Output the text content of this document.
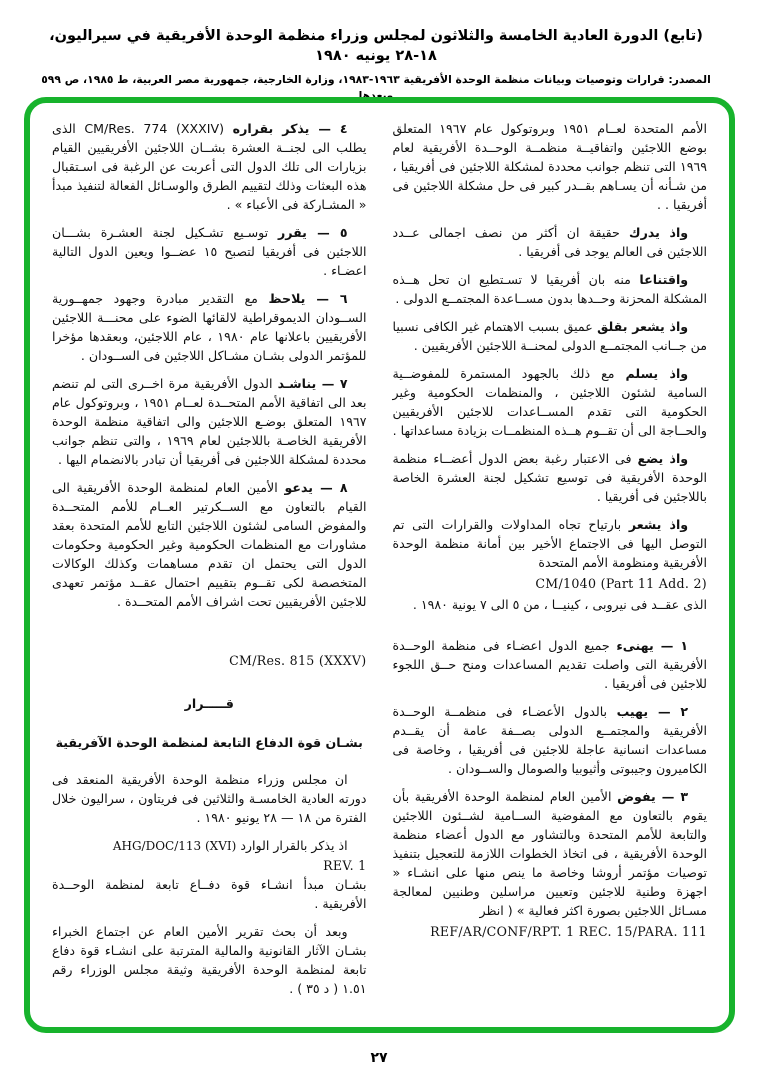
(تابع) الدورة العادية الخامسة والثلاثون لمجلس وزراء منظمة الوحدة الأفريقية في سيراليون، ١٨-٢٨ يونيه ١٩٨٠
المصدر: قرارات وتوصيات وبيانات منظمة الوحدة الأفريقية ١٩٦٣-١٩٨٣، وزارة الخارجية، جمهورية مصر العربية، ط ١٩٨٥، ص ٥٩٩ وبعدها

الأمم المتحدة لعــام ١٩٥١ وبروتوكول عام ١٩٦٧ المتعلق بوضع اللاجئين واتفاقيــة منظمــة الوحــدة الأفريقية لعام ١٩٦٩ التى تنظم جوانب محددة لمشكلة اللاجئين فى أفريقيا ، من شـأنه أن يسـاهم بقــدر كبير فى حل مشكلة اللاجئين فى أفريقيا . .

واذ يدرك حقيقة ان أكثر من نصف اجمالى عــدد اللاجئين فى العالم يوجد فى أفريقيا .

واقتناعا منه بان أفريقيا لا تسـتطيع ان تحل هــذه المشكلة المحزنة وحــدها بدون مســاعدة المجتمــع الدولى .

واذ يشعر بقلق عميق بسبب الاهتمام غير الكافى نسبيا من جــانب المجتمــع الدولى لمحنــة اللاجئين الأفريقيين .

واذ يسلم مع ذلك بالجهود المستمرة للمفوضــية السامية لشئون اللاجئين ، والمنظمات الحكومية وغير الحكومية التى تقدم المســاعدات للاجئين الأفريقيين والحــاجة الى أن تقــوم هــذه المنظمــات بزيادة مساعداتها .

واذ يضع فى الاعتبار رغبة بعض الدول أعضــاء منظمة الوحدة الأفريقية فى توسيع تشكيل لجنة العشرة الخاصة باللاجئين فى أفريقيا .

واذ يشعر بارتياح تجاه المداولات والقرارات التى تم التوصل اليها فى الاجتماع الأخير بين أمانة منظمة الوحدة الأفريقية ومنظومة الأمم المتحدة

CM/1040 (Part 11 Add. 2)

الذى عقــد فى نيروبى ، كينيــا ، من ٥ الى ٧ يونية ١٩٨٠ .

١ — يهنىء جميع الدول اعضـاء فى منظمة الوحــدة الأفريقية التى واصلت تقديم المساعدات ومنح حــق اللجوء للاجئين فى أفريقيا .

٢ — يهيب بالدول الأعضـاء فى منظمــة الوحــدة الأفريقية والمجتمــع الدولى بصــفة عامة أن يقــدم مساعدات انسانية عاجلة للاجئين فى أفريقيا ، وخاصة فى الكاميرون وجيبوتى وأثيوبيا والصومال والســودان .

٣ — يفوض الأمين العام لمنظمة الوحدة الأفريقية بأن يقوم بالتعاون مع المفوضية الســامية لشــئون اللاجئين والتابعة للأمم المتحدة وبالتشاور مع الدول أعضاء منظمة الوحدة الأفريقية ، فى اتخاذ الخطوات اللازمة للتعجيل بتنفيذ توصيات مؤتمر أروشا وخاصة ما ينص منها على انشـاء « اجهزة وطنية للاجئين وتعيين مراسلين وطنيين لمعالجة مسـائل اللاجئين بصورة اكثر فعالية » ( انظر

REF/AR/CONF/RPT. 1 REC. 15/PARA. 111

٤ — يذكر بقراره CM/Res. 774 (XXXIV) الذى يطلب الى لجنــة العشرة بشــان اللاجئين الأفريقيين القيام بزيارات الى تلك الدول التى أعربت عن الرغبة فى اسـتقبال هذه البعثات وذلك لتقييم الطرق والوسـائل الفعالة لتنفيذ مبدأ « المشـاركة فى الأعباء » .

٥ — يقرر توسـيع تشـكيل لجنة العشـرة بشـــان اللاجئين فى أفريقيا لتصبح ١٥ عضــوا ويعين الدول التالية اعضـاء .

٦ — يلاحظ مع التقدير مبادرة وجهود جمهــورية الســودان الديموقراطية لالقائها الضوء على محنـــة اللاجئين الأفريقيين باعلانها عام ١٩٨٠ ، عام اللاجئين، وبعقدها مؤخرا للمؤتمر الدولى بشـان مشـاكل اللاجئين فى الســودان .

٧ — يناشـد الدول الأفريقية مرة اخــرى التى لم تنضم بعد الى اتفاقية الأمم المتحــدة لعــام ١٩٥١ ، وبروتوكول عام ١٩٦٧ المتعلق بوضـع اللاجئين والى اتفاقية منظمة الوحدة الأفريقية الخاصـة باللاجئين لعام ١٩٦٩ ، والتى تنظم جوانب محددة لمشكلة اللاجئين فى أفريقيا أن تبادر بالانضمام اليها .

٨ — يدعو الأمين العام لمنظمة الوحدة الأفريقية الى القيام بالتعاون مع الســكرتير العــام للأمم المتحــدة والمفوض السامى لشئون اللاجئين التابع للأمم المتحدة بعقد مشاورات مع المنظمات الحكومية وغير الحكومية وحكومات الدول التى يحتمل ان تقدم مساهمات وكذلك الوكالات المتخصصة لكى تقــوم بتقييم احتمال عقــد مؤتمر تعهدى للاجئين الأفريقيين تحت اشراف الأمم المتحــدة .

CM/Res. 815 (XXXV)

قـــــرار

بشـان قوة الدفاع التابعة لمنظمة الوحدة الآفريقية

ان مجلس وزراء منظمة الوحدة الأفريقية المنعقد فى دورته العادية الخامسـة والثلاثين فى فريتاون ، سراليون خلال الفترة من ١٨ — ٢٨ يونيو ١٩٨٠ .

اذ يذكر بالقرار الوارد AHG/DOC/113 (XVI)

REV. 1

بشـان مبدأ انشـاء قوة دفــاع تابعة لمنظمة الوحــدة الأفريقية .

وبعد أن بحث تقرير الأمين العام عن اجتماع الخبراء بشـان الآثار القانونية والمالية المترتبة على انشـاء قوة دفاع تابعة لمنظمة الوحدة الأفريقية وثيقة مجلس الوزراء رقم ١.٥١ ( د ٣٥ ) .

٢٧
